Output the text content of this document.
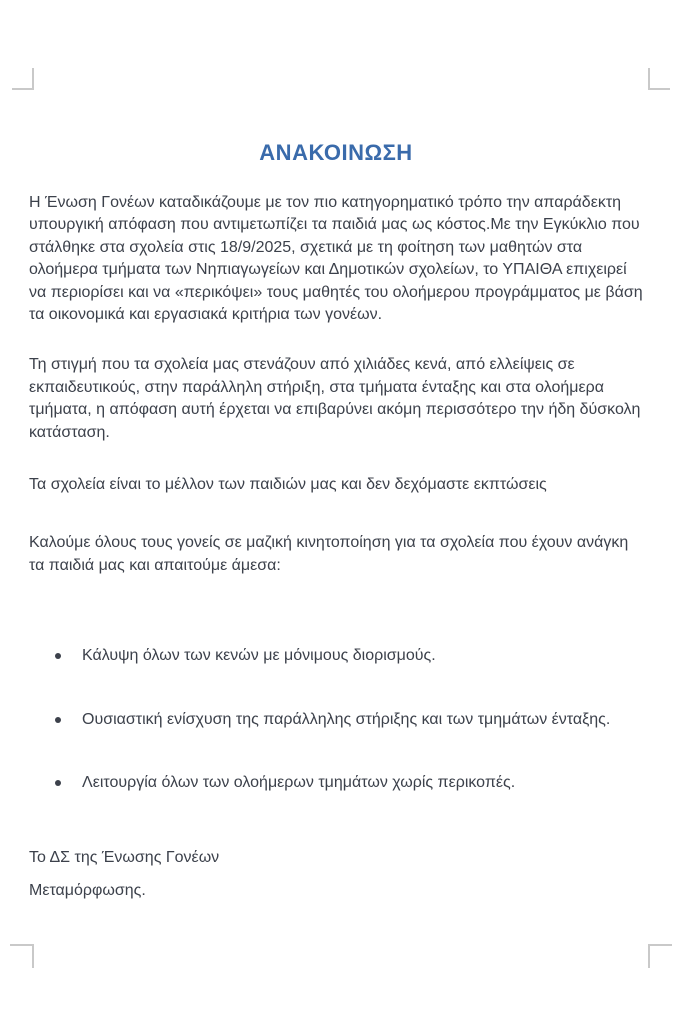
ΑΝΑΚΟΙΝΩΣΗ

Η Ένωση Γονέων καταδικάζουμε με τον πιο κατηγορηματικό τρόπο την απαράδεκτη υπουργική απόφαση που αντιμετωπίζει τα παιδιά μας ως κόστος.Με την Εγκύκλιο που στάλθηκε στα σχολεία στις 18/9/2025, σχετικά με τη φοίτηση των μαθητών στα ολοήμερα τμήματα των Νηπιαγωγείων και Δημοτικών σχολείων, το ΥΠΑΙΘΑ επιχειρεί να περιορίσει και να «περικόψει» τους μαθητές του ολοήμερου προγράμματος με βάση τα οικονομικά και εργασιακά κριτήρια των γονέων.

Τη στιγμή που τα σχολεία μας στενάζουν από χιλιάδες κενά, από ελλείψεις σε εκπαιδευτικούς, στην παράλληλη στήριξη, στα τμήματα ένταξης και στα ολοήμερα τμήματα, η απόφαση αυτή έρχεται να επιβαρύνει ακόμη περισσότερο την ήδη δύσκολη κατάσταση.

Τα σχολεία είναι το μέλλον των παιδιών μας και δεν δεχόμαστε εκπτώσεις

Καλούμε όλους τους γονείς σε μαζική κινητοποίηση για τα σχολεία που έχουν ανάγκη τα παιδιά μας και απαιτούμε άμεσα:

Κάλυψη όλων των κενών με μόνιμους διορισμούς.
Ουσιαστική ενίσχυση της παράλληλης στήριξης και των τμημάτων ένταξης.
Λειτουργία όλων των ολοήμερων τμημάτων χωρίς περικοπές.

Το ΔΣ της Ένωσης Γονέων

Μεταμόρφωσης.
